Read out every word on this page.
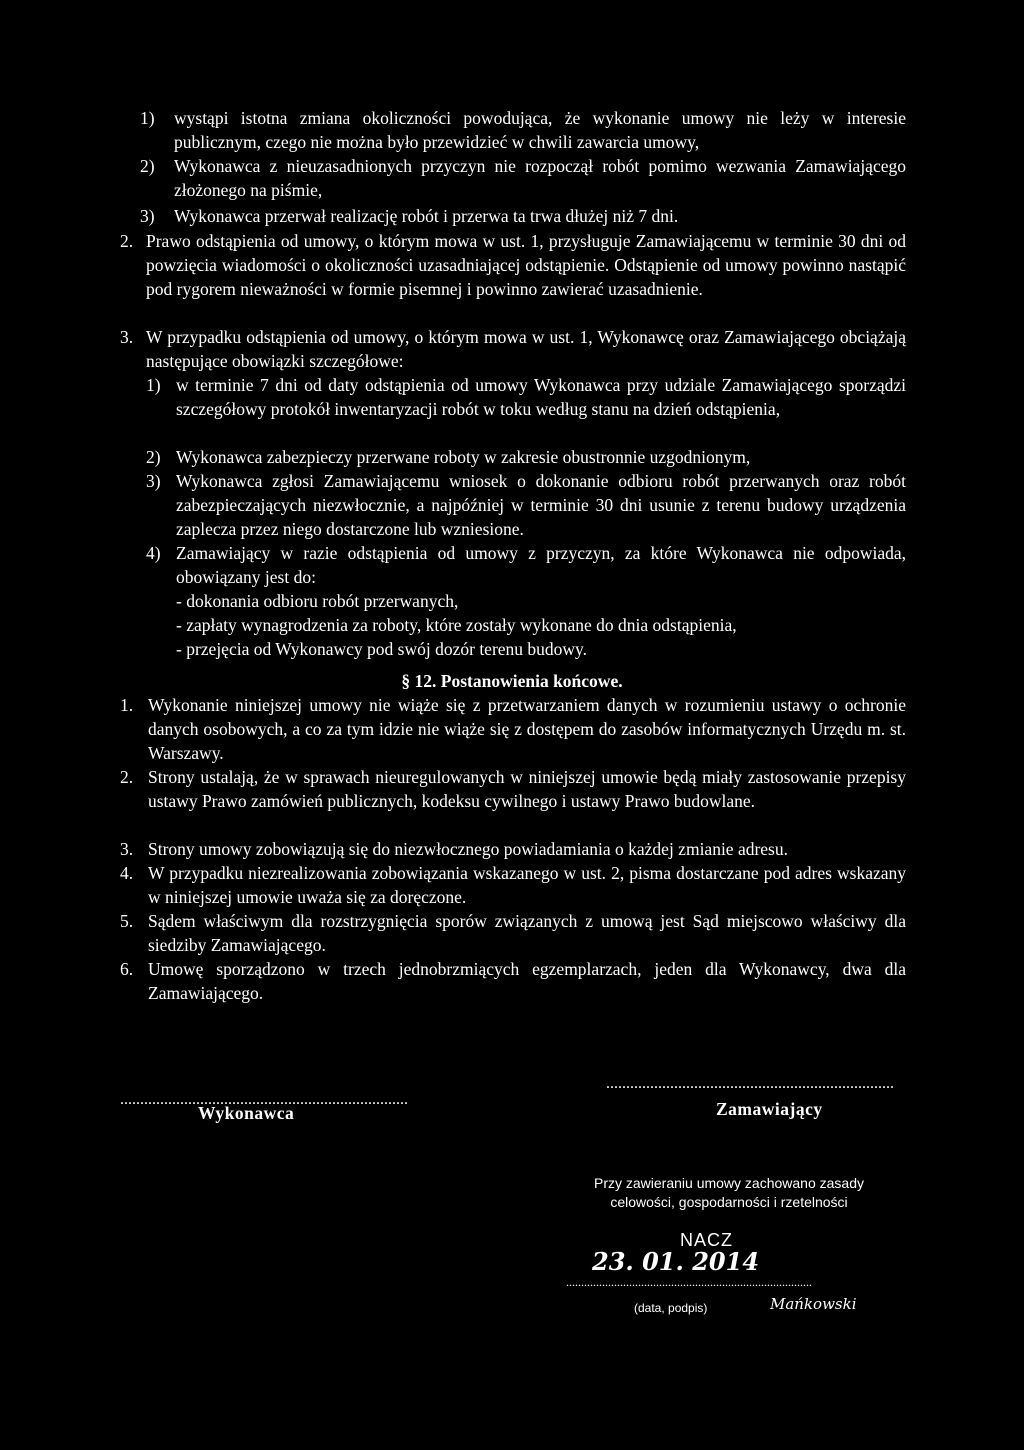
1) wystąpi istotna zmiana okoliczności powodująca, że wykonanie umowy nie leży w interesie publicznym, czego nie można było przewidzieć w chwili zawarcia umowy,
2) Wykonawca z nieuzasadnionych przyczyn nie rozpoczął robót pomimo wezwania Zamawiającego złożonego na piśmie,
3) Wykonawca przerwał realizację robót i przerwa ta trwa dłużej niż 7 dni.
2. Prawo odstąpienia od umowy, o którym mowa w ust. 1, przysługuje Zamawiającemu w terminie 30 dni od powzięcia wiadomości o okoliczności uzasadniającej odstąpienie. Odstąpienie od umowy powinno nastąpić pod rygorem nieważności w formie pisemnej i powinno zawierać uzasadnienie.
3. W przypadku odstąpienia od umowy, o którym mowa w ust. 1, Wykonawcę oraz Zamawiającego obciążają następujące obowiązki szczegółowe:
1) w terminie 7 dni od daty odstąpienia od umowy Wykonawca przy udziale Zamawiającego sporządzi szczegółowy protokół inwentaryzacji robót w toku według stanu na dzień odstąpienia,
2) Wykonawca zabezpieczy przerwane roboty w zakresie obustronnie uzgodnionym,
3) Wykonawca zgłosi Zamawiającemu wniosek o dokonanie odbioru robót przerwanych oraz robót zabezpieczających niezwłocznie, a najpóźniej w terminie 30 dni usunie z terenu budowy urządzenia zaplecza przez niego dostarczone lub wzniesione.
4) Zamawiający w razie odstąpienia od umowy z przyczyn, za które Wykonawca nie odpowiada, obowiązany jest do:
- dokonania odbioru robót przerwanych,
- zapłaty wynagrodzenia za roboty, które zostały wykonane do dnia odstąpienia,
- przejęcia od Wykonawcy pod swój dozór terenu budowy.
§ 12. Postanowienia końcowe.
1. Wykonanie niniejszej umowy nie wiąże się z przetwarzaniem danych w rozumieniu ustawy o ochronie danych osobowych, a co za tym idzie nie wiąże się z dostępem do zasobów informatycznych Urzędu m. st. Warszawy.
2. Strony ustalają, że w sprawach nieuregulowanych w niniejszej umowie będą miały zastosowanie przepisy ustawy Prawo zamówień publicznych, kodeksu cywilnego i ustawy Prawo budowlane.
3. Strony umowy zobowiązują się do niezwłocznego powiadamiania o każdej zmianie adresu.
4. W przypadku niezrealizowania zobowiązania wskazanego w ust. 2, pisma dostarczane pod adres wskazany w niniejszej umowie uważa się za doręczone.
5. Sądem właściwym dla rozstrzygnięcia sporów związanych z umową jest Sąd miejscowo właściwy dla siedziby Zamawiającego.
6. Umowę sporządzono w trzech jednobrzmiących egzemplarzach, jeden dla Wykonawcy, dwa dla Zamawiającego.
........................................................................
Wykonawca
........................................................................
Zamawiający
Przy zawieraniu umowy zachowano zasady
celowości, gospodarności i rzetelności
NACZ
23. 01. 2014
..................................................................................
(data, podpis)	Mańkowski
